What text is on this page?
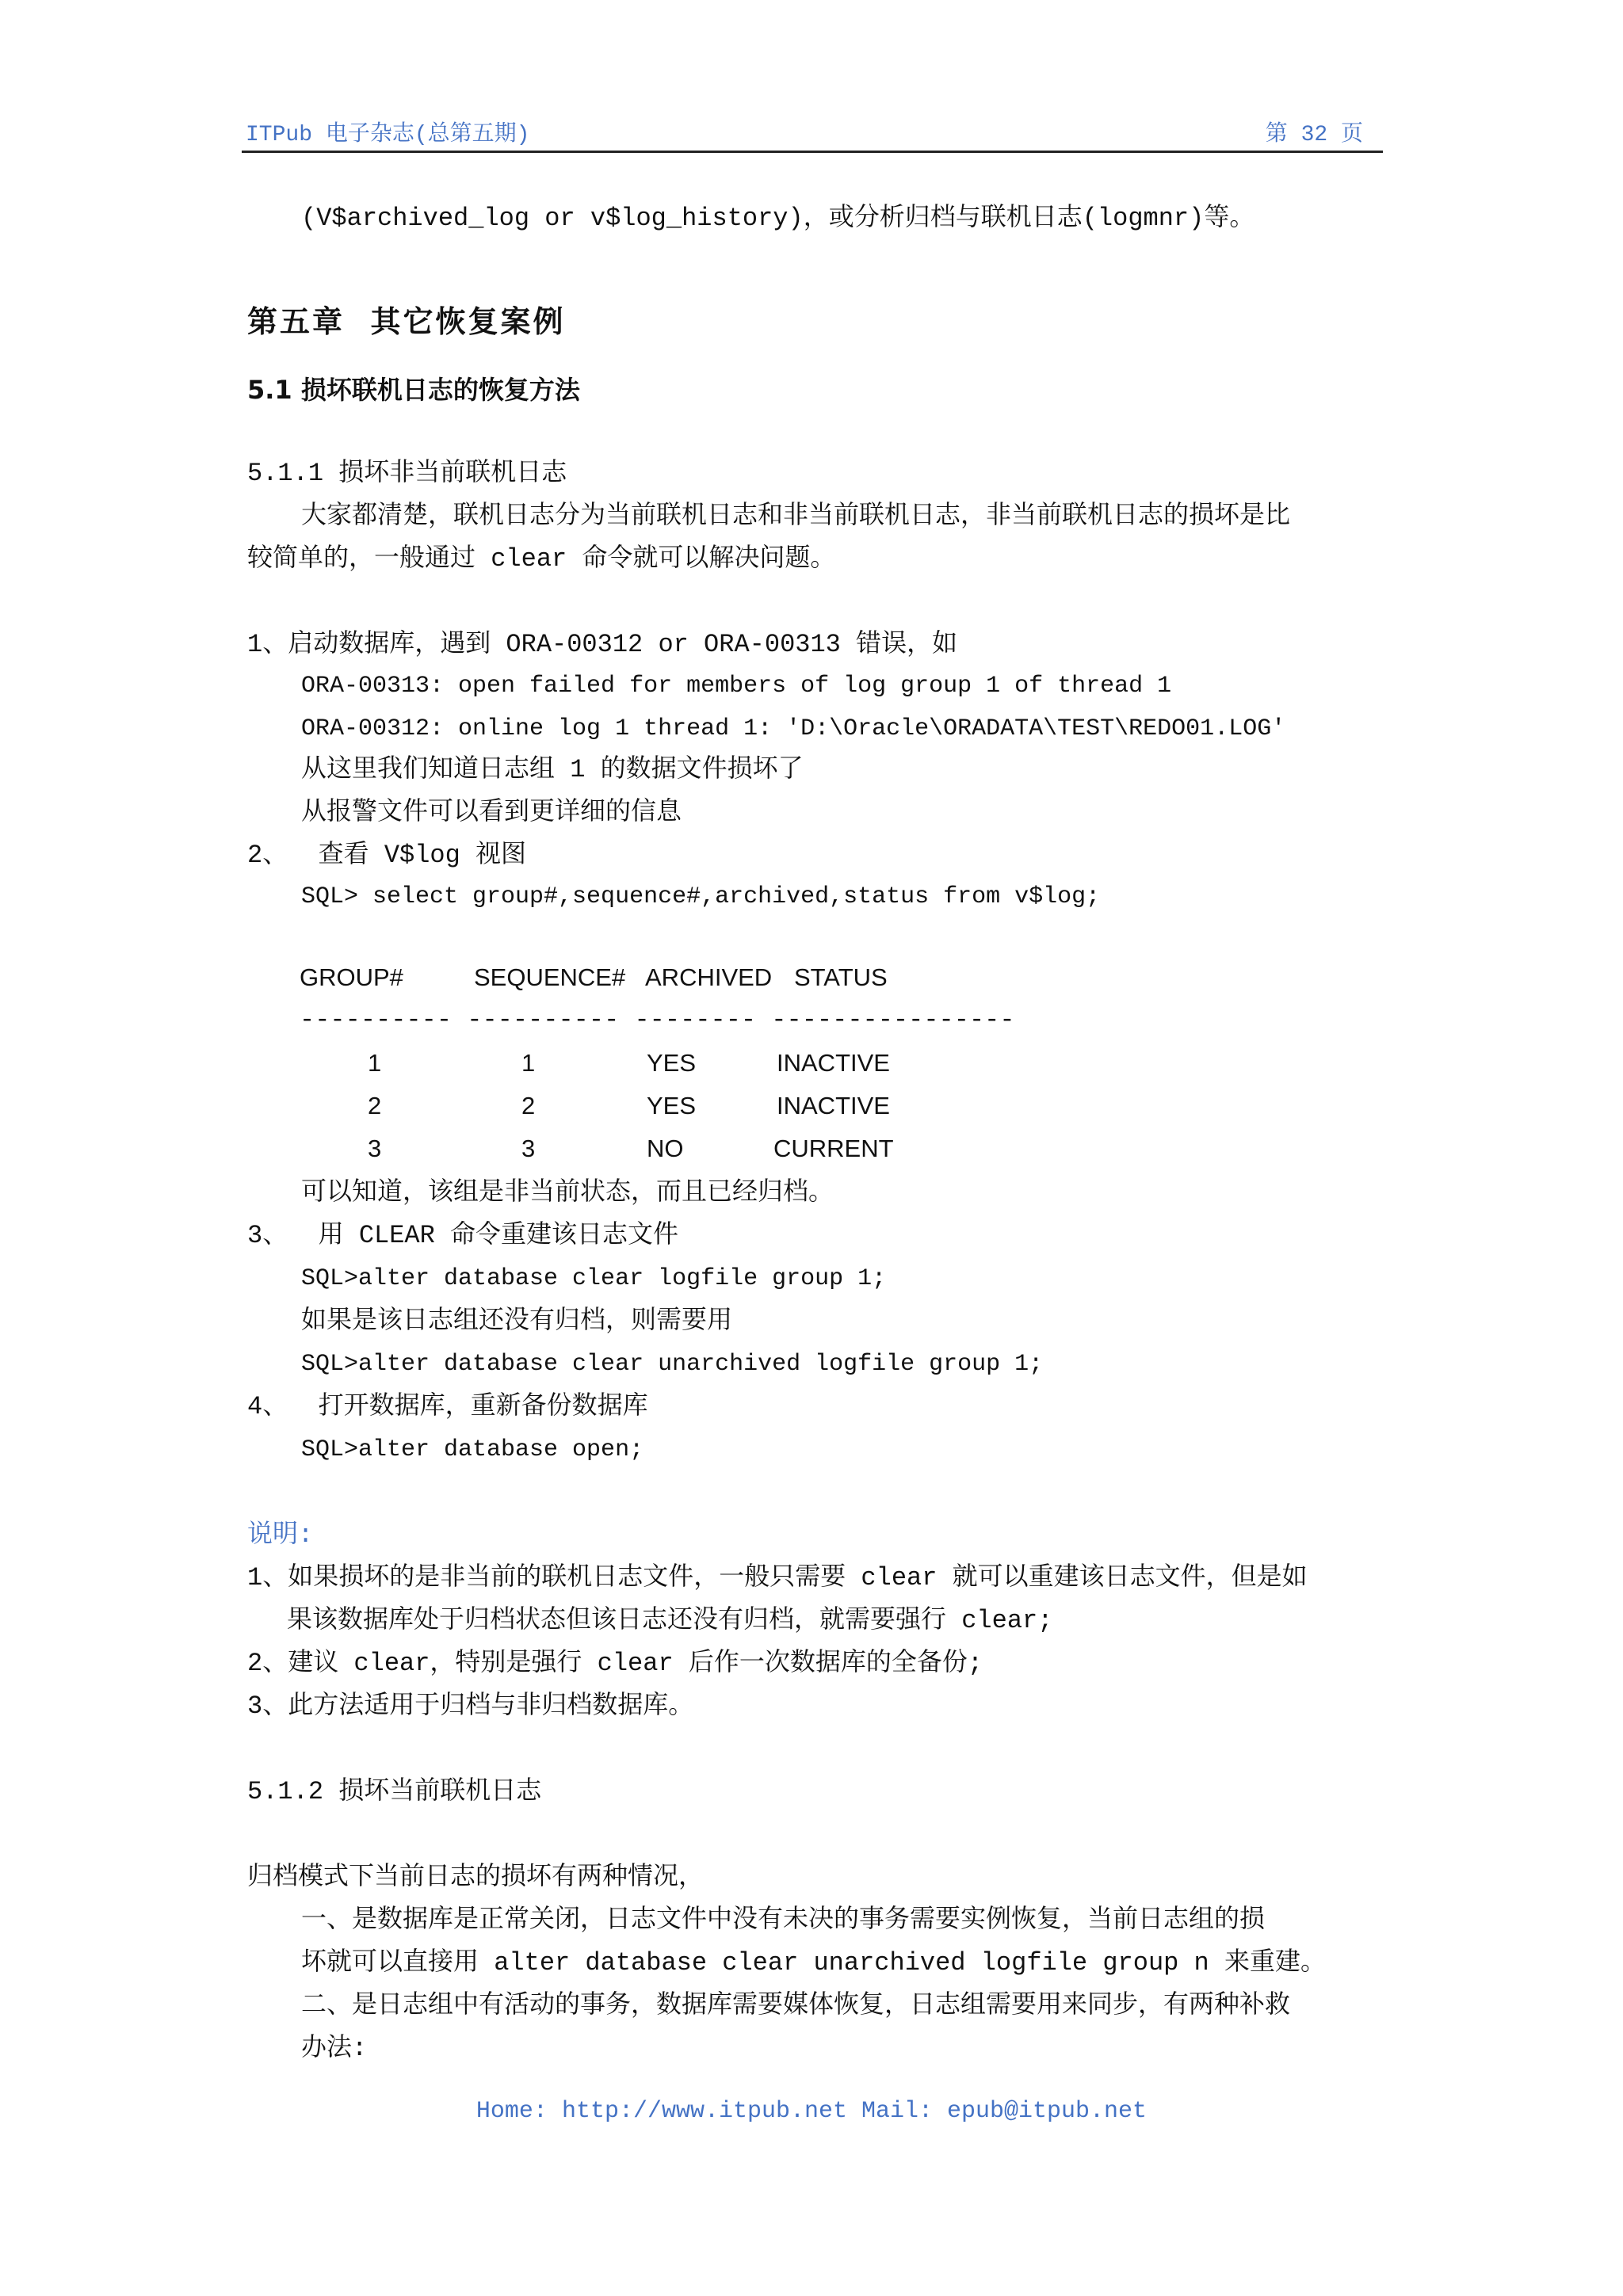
ITPub 电子杂志(总第五期)	第 32 页
(V$archived_log or v$log_history)，或分析归档与联机日志(logmnr)等。
第五章  其它恢复案例
5.1 损坏联机日志的恢复方法
5.1.1 损坏非当前联机日志
大家都清楚，联机日志分为当前联机日志和非当前联机日志，非当前联机日志的损坏是比
较简单的，一般通过 clear 命令就可以解决问题。
1、启动数据库，遇到 ORA-00312 or ORA-00313 错误，如
ORA-00313: open failed for members of log group 1 of thread 1
ORA-00312: online log 1 thread 1: 'D:\Oracle\ORADATA\TEST\REDO01.LOG'
从这里我们知道日志组 1 的数据文件损坏了
从报警文件可以看到更详细的信息
2、  查看 V$log 视图
SQL> select group#,sequence#,archived,status from v$log;
GROUP#	SEQUENCE# ARCHIVED STATUS
---------- ---------- -------- ----------------
1	1	YES	INACTIVE
2	2	YES	INACTIVE
3	3	NO	CURRENT
可以知道，该组是非当前状态，而且已经归档。
3、  用 CLEAR 命令重建该日志文件
SQL>alter database clear logfile group 1;
如果是该日志组还没有归档，则需要用
SQL>alter database clear unarchived logfile group 1;
4、  打开数据库，重新备份数据库
SQL>alter database open;
说明:
1、如果损坏的是非当前的联机日志文件，一般只需要 clear 就可以重建该日志文件，但是如
果该数据库处于归档状态但该日志还没有归档，就需要强行 clear;
2、建议 clear，特别是强行 clear 后作一次数据库的全备份;
3、此方法适用于归档与非归档数据库。
5.1.2 损坏当前联机日志
归档模式下当前日志的损坏有两种情况，
一、是数据库是正常关闭，日志文件中没有未决的事务需要实例恢复，当前日志组的损
坏就可以直接用 alter database clear unarchived logfile group n 来重建。
二、是日志组中有活动的事务，数据库需要媒体恢复，日志组需要用来同步，有两种补救
办法:
Home: http://www.itpub.net Mail: epub@itpub.net
